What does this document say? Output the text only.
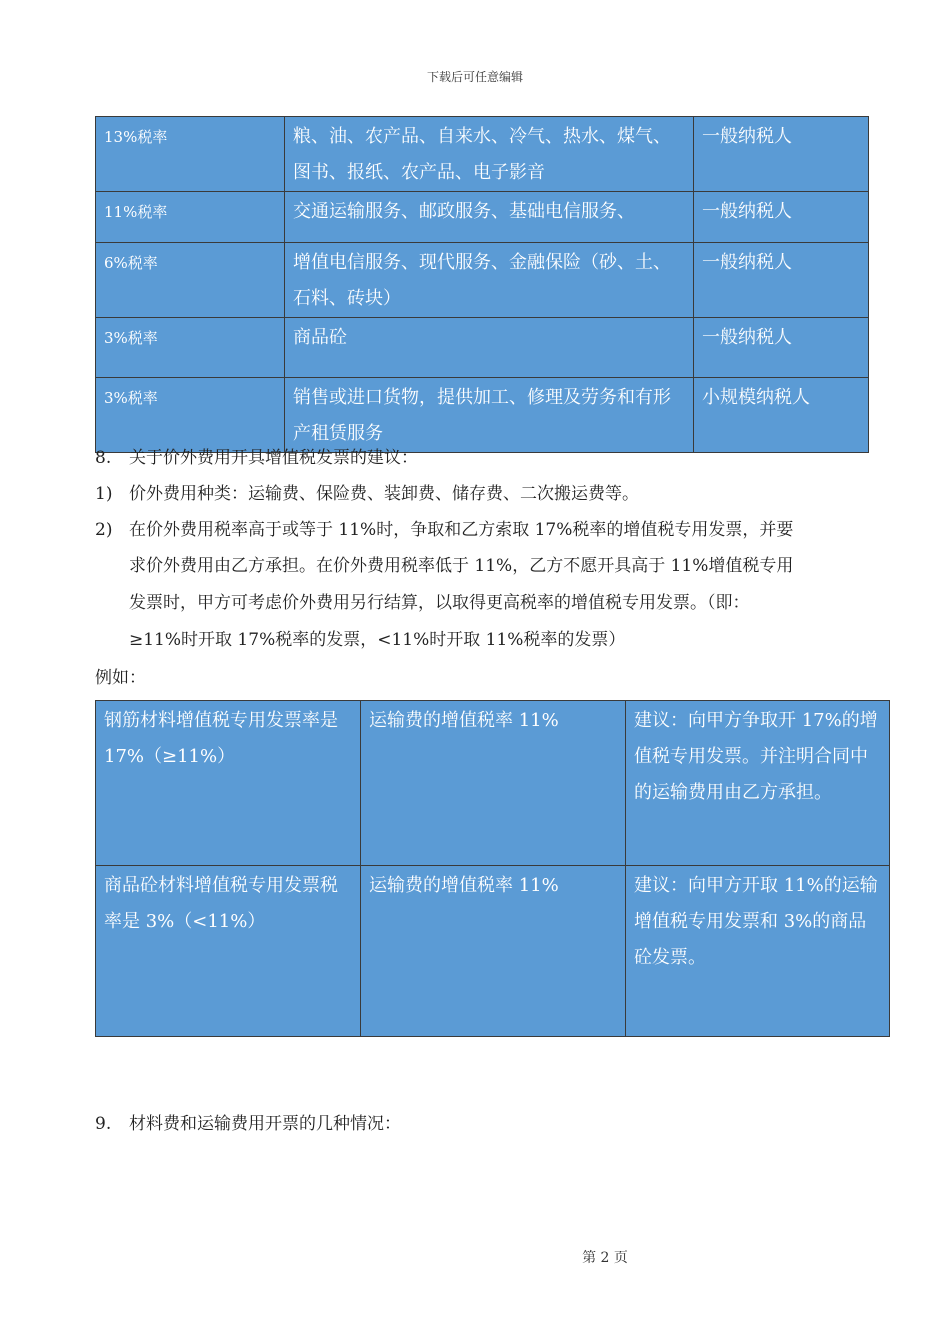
下载后可任意编辑
13%税率	粮、油、农产品、自来水、冷气、热水、煤气、图书、报纸、农产品、电子影音	一般纳税人
11%税率	交通运输服务、邮政服务、基础电信服务、	一般纳税人
6%税率	增值电信服务、现代服务、金融保险（砂、土、石料、砖块）	一般纳税人
3%税率	商品砼	一般纳税人
3%税率	销售或进口货物，提供加工、修理及劳务和有形产租赁服务	小规模纳税人
8. 关于价外费用开具增值税发票的建议：
1) 价外费用种类：运输费、保险费、装卸费、储存费、二次搬运费等。
2) 在价外费用税率高于或等于 11%时，争取和乙方索取 17%税率的增值税专用发票，并要
求价外费用由乙方承担。在价外费用税率低于 11%，乙方不愿开具高于 11%增值税专用
发票时，甲方可考虑价外费用另行结算，以取得更高税率的增值税专用发票。（即：
≥11%时开取 17%税率的发票，<11%时开取 11%税率的发票）
例如：
钢筋材料增值税专用发票率是 17%（≥11%）	运输费的增值税率 11%	建议：向甲方争取开 17%的增值税专用发票。并注明合同中的运输费用由乙方承担。
商品砼材料增值税专用发票税率是 3%（<11%）	运输费的增值税率 11%	建议：向甲方开取 11%的运输增值税专用发票和 3%的商品砼发票。
9. 材料费和运输费用开票的几种情况：
第 2 页
